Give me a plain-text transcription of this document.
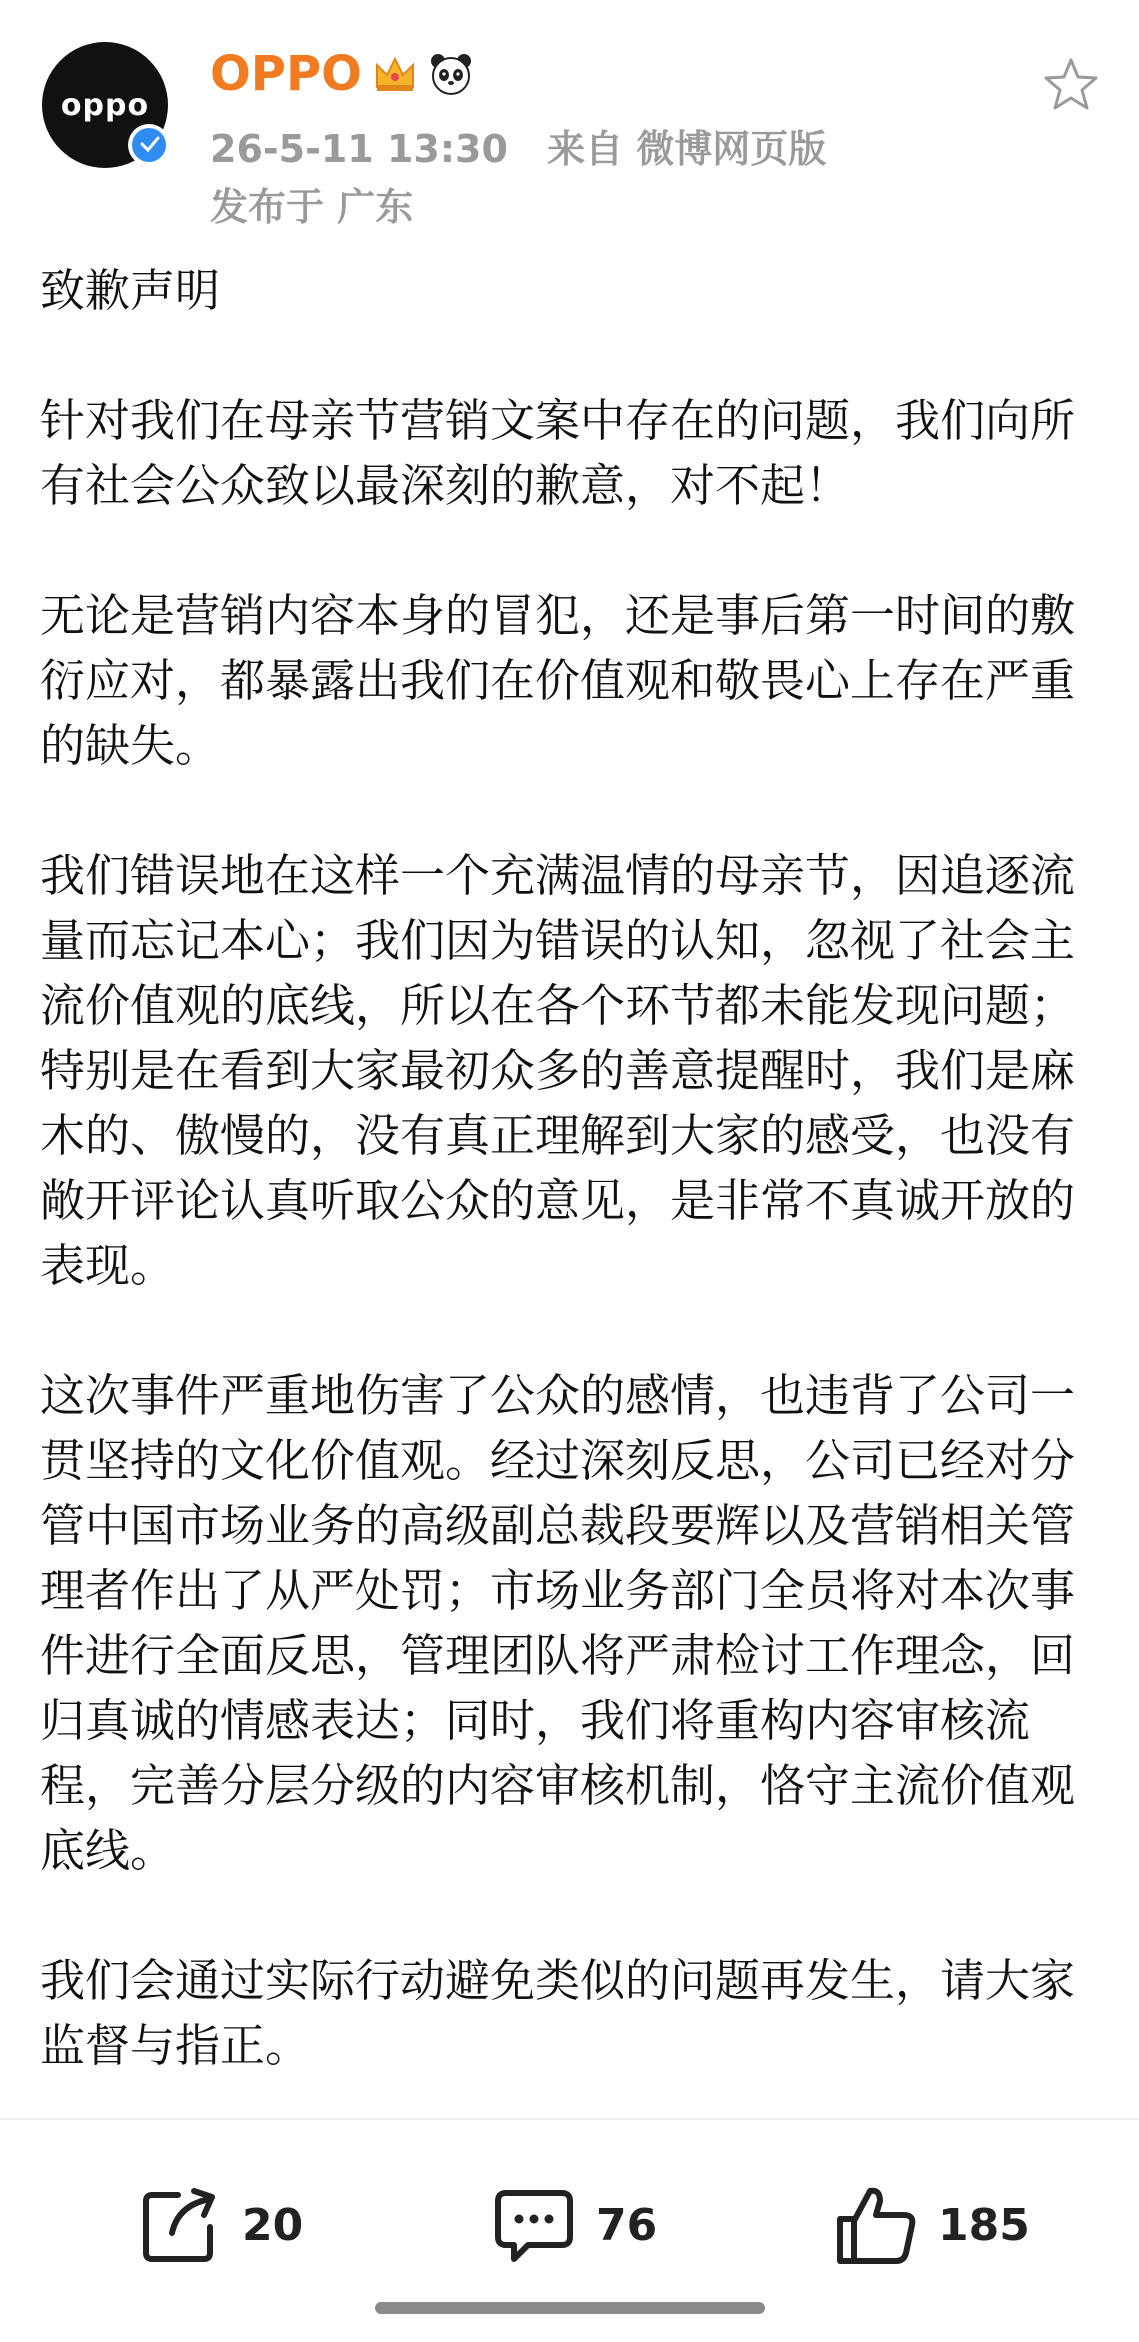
oppo
OPPO
26-5-11 13:30 来自 微博网页版
发布于 广东

致歉声明

针对我们在母亲节营销文案中存在的问题，我们向所有社会公众致以最深刻的歉意，对不起！

无论是营销内容本身的冒犯，还是事后第一时间的敷衍应对，都暴露出我们在价值观和敬畏心上存在严重的缺失。

我们错误地在这样一个充满温情的母亲节，因追逐流量而忘记本心；我们因为错误的认知，忽视了社会主流价值观的底线，所以在各个环节都未能发现问题；特别是在看到大家最初众多的善意提醒时，我们是麻木的、傲慢的，没有真正理解到大家的感受，也没有敞开评论认真听取公众的意见，是非常不真诚开放的表现。

这次事件严重地伤害了公众的感情，也违背了公司一贯坚持的文化价值观。经过深刻反思，公司已经对分管中国市场业务的高级副总裁段要辉以及营销相关管理者作出了从严处罚；市场业务部门全员将对本次事件进行全面反思，管理团队将严肃检讨工作理念，回归真诚的情感表达；同时，我们将重构内容审核流程，完善分层分级的内容审核机制，恪守主流价值观底线。

我们会通过实际行动避免类似的问题再发生，请大家监督与指正。

20	76	185
